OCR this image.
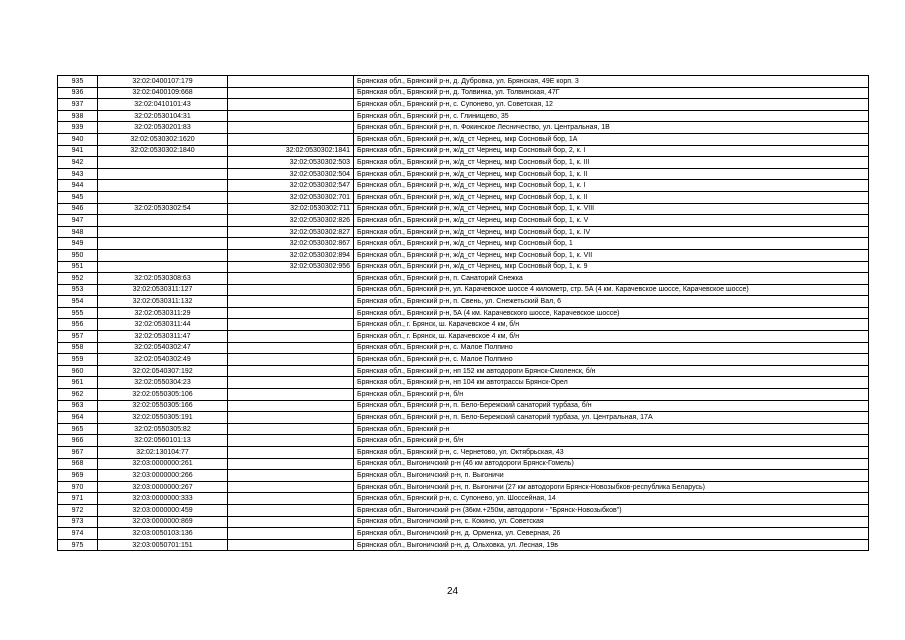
935	32:02:0400107:179		Брянская обл., Брянский р-н, д. Дубровка, ул. Брянская, 49Е корп. 3
936	32:02:0400109:668		Брянская обл., Брянский р-н, д. Толвинка, ул. Толвинская, 47Г
937	32:02:0410101:43		Брянская обл., Брянский р-н, с. Супонево, ул. Советская, 12
938	32:02:0530104:31		Брянская обл., Брянский р-н, с. Глинищево, 35
939	32:02:0530201:83		Брянская обл., Брянский р-н, п. Фокинское Лесничество, ул. Центральная, 1В
940	32:02:0530302:1620		Брянская обл., Брянский р-н, ж/д_ст Чернец, мкр Сосновый бор, 1А
941	32:02:0530302:1840	32:02:0530302:1841	Брянская обл., Брянский р-н, ж/д_ст Чернец, мкр Сосновый бор, 2, к. I
942		32:02:0530302:503	Брянская обл., Брянский р-н, ж/д_ст Чернец, мкр Сосновый бор, 1, к. III
943		32:02:0530302:504	Брянская обл., Брянский р-н, ж/д_ст Чернец, мкр Сосновый бор, 1, к. II
944		32:02:0530302:547	Брянская обл., Брянский р-н, ж/д_ст Чернец, мкр Сосновый бор, 1, к. I
945		32:02:0530302:701	Брянская обл., Брянский р-н, ж/д_ст Чернец, мкр Сосновый бор, 1, к. II
946	32:02:0530302:54	32:02:0530302:711	Брянская обл., Брянский р-н, ж/д_ст Чернец, мкр Сосновый бор, 1, к. VIII
947		32:02:0530302:826	Брянская обл., Брянский р-н, ж/д_ст Чернец, мкр Сосновый бор, 1, к. V
948		32:02:0530302:827	Брянская обл., Брянский р-н, ж/д_ст Чернец, мкр Сосновый бор, 1, к. IV
949		32:02:0530302:867	Брянская обл., Брянский р-н, ж/д_ст Чернец, мкр Сосновый бор, 1
950		32:02:0530302:894	Брянская обл., Брянский р-н, ж/д_ст Чернец, мкр Сосновый бор, 1, к. VII
951		32:02:0530302:956	Брянская обл., Брянский р-н, ж/д_ст Чернец, мкр Сосновый бор, 1, к. 9
952	32:02:0530308:63		Брянская обл., Брянский р-н, п. Санаторий Снежка
953	32:02:0530311:127		Брянская обл., Брянский р-н, ул. Карачевское шоссе 4 километр, стр. 5А (4 км. Карачевское шоссе, Карачевское шоссе)
954	32:02:0530311:132		Брянская обл., Брянский р-н, п. Свень, ул. Снежетьский Вал, 6
955	32:02:0530311:29		Брянская обл., Брянский р-н, 5А (4 км. Карачевского шоссе, Карачевское шоссе)
956	32:02:0530311:44		Брянская обл., г. Брянск, ш. Карачевское 4 км, б/н
957	32:02:0530311:47		Брянская обл., г. Брянск, ш. Карачевское 4 км, б/н
958	32:02:0540302:47		Брянская обл., Брянский р-н, с. Малое Полпино
959	32:02:0540302:49		Брянская обл., Брянский р-н, с. Малое Полпино
960	32:02:0540307:192		Брянская обл., Брянский р-н, нп 152 км автодороги Брянск-Смоленск, б/н
961	32:02:0550304:23		Брянская обл., Брянский р-н, нп 104 км автотрассы Брянск-Орел
962	32:02:0550305:106		Брянская обл., Брянский р-н, б/н
963	32:02:0550305:166		Брянская обл., Брянский р-н, п. Бело-Бережский санаторий турбаза, б/н
964	32:02:0550305:191		Брянская обл., Брянский р-н, п. Бело-Бережский санаторий турбаза, ул. Центральная, 17А
965	32:02:0550305:82		Брянская обл., Брянский р-н
966	32:02:0560101:13		Брянская обл., Брянский р-н, б/н
967	32:02:130104:77		Брянская обл., Брянский р-н, с. Чернетово, ул. Октябрьская, 43
968	32:03:0000000:261		Брянская обл., Выгоничский р-н (46 км автодороги Брянск-Гомель)
969	32:03:0000000:266		Брянская обл., Выгоничский р-н, п. Выгоничи
970	32:03:0000000:267		Брянская обл., Выгоничский р-н, п. Выгоничи (27 км автодороги Брянск-Новозыбков-республика Беларусь)
971	32:03:0000000:333		Брянская обл., Брянский р-н, с. Супонево, ул. Шоссейная, 14
972	32:03:0000000:459		Брянская обл., Выгоничский р-н (36км.+250м, автодороги - "Брянск-Новозыбков")
973	32:03:0000000:869		Брянская обл., Выгоничский р-н, с. Кокино, ул. Советская
974	32:03:0050103:136		Брянская обл., Выгоничский р-н, д. Орменка, ул. Северная, 26
975	32:03:0050701:151		Брянская обл., Выгоничский р-н, д. Ольховка, ул. Лесная, 19в
24
